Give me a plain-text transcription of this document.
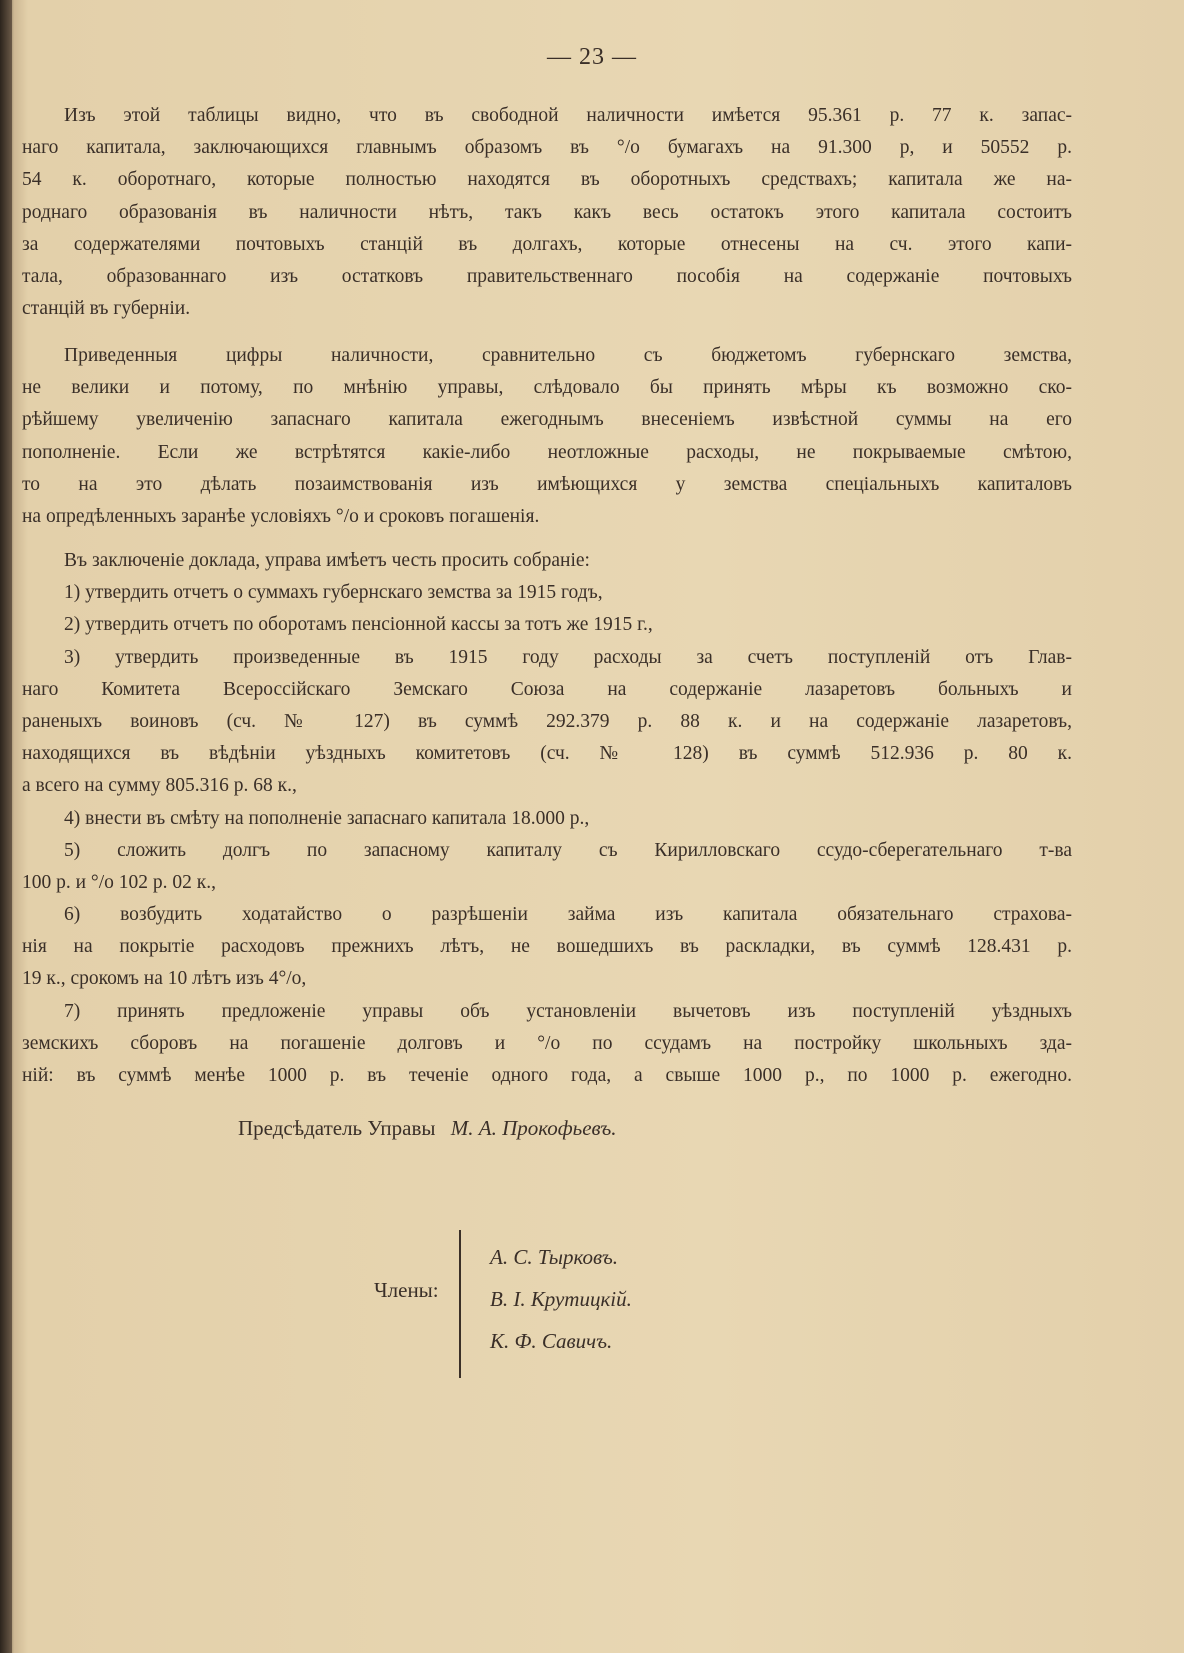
— 23 —
Изъ этой таблицы видно, что въ свободной наличности имѣется 95.361 р. 77 к. запас-
наго капитала, заключающихся главнымъ образомъ въ °/о бумагахъ на 91.300 р, и 50552 р.
54 к. оборотнаго, которые полностью находятся въ оборотныхъ средствахъ; капитала же на-
роднаго образованія въ наличности нѣтъ, такъ какъ весь остатокъ этого капитала состоитъ
за содержателями почтовыхъ станцій въ долгахъ, которые отнесены на сч. этого капи-
тала, образованнаго изъ остатковъ правительственнаго пособія на содержаніе почтовыхъ
станцій въ губерніи.
Приведенныя цифры наличности, сравнительно съ бюджетомъ губернскаго земства,
не велики и потому, по мнѣнію управы, слѣдовало бы принять мѣры къ возможно ско-
рѣйшему увеличенію запаснаго капитала ежегоднымъ внесеніемъ извѣстной суммы на его
пополненіе. Если же встрѣтятся какіе-либо неотложные расходы, не покрываемые смѣтою,
то на это дѣлать позаимствованія изъ имѣющихся у земства спеціальныхъ капиталовъ
на опредѣленныхъ заранѣе условіяхъ °/о и сроковъ погашенія.
Въ заключеніе доклада, управа имѣетъ честь просить собраніе:
1) утвердить отчетъ о суммахъ губернскаго земства за 1915 годъ,
2) утвердить отчетъ по оборотамъ пенсіонной кассы за тотъ же 1915 г.,
3) утвердить произведенные въ 1915 году расходы за счетъ поступленій отъ Глав-
наго Комитета Всероссійскаго Земскаго Союза на содержаніе лазаретовъ больныхъ и
раненыхъ воиновъ (сч. № 127) въ суммѣ 292.379 р. 88 к. и на содержаніе лазаретовъ,
находящихся въ вѣдѣніи уѣздныхъ комитетовъ (сч. № 128) въ суммѣ 512.936 р. 80 к.
а всего на сумму 805.316 р. 68 к.,
4) внести въ смѣту на пополненіе запаснаго капитала 18.000 р.,
5) сложить долгъ по запасному капиталу съ Кирилловскаго ссудо-сберегательнаго т-ва
100 р. и °/о 102 р. 02 к.,
6) возбудить ходатайство о разрѣшеніи займа изъ капитала обязательнаго страхова-
нія на покрытіе расходовъ прежнихъ лѣтъ, не вошедшихъ въ раскладки, въ суммѣ 128.431 р.
19 к., срокомъ на 10 лѣтъ изъ 4°/о,
7) принять предложеніе управы объ установленіи вычетовъ изъ поступленій уѣздныхъ
земскихъ сборовъ на погашеніе долговъ и °/о по ссудамъ на постройку школьныхъ зда-
ній: въ суммѣ менѣе 1000 р. въ теченіе одного года, а свыше 1000 р., по 1000 р. ежегодно.
Предсѣдатель Управы М. А. Прокофьевъ.
Члены:
А. С. Тырковъ.
В. І. Крутицкій.
К. Ф. Савичъ.
